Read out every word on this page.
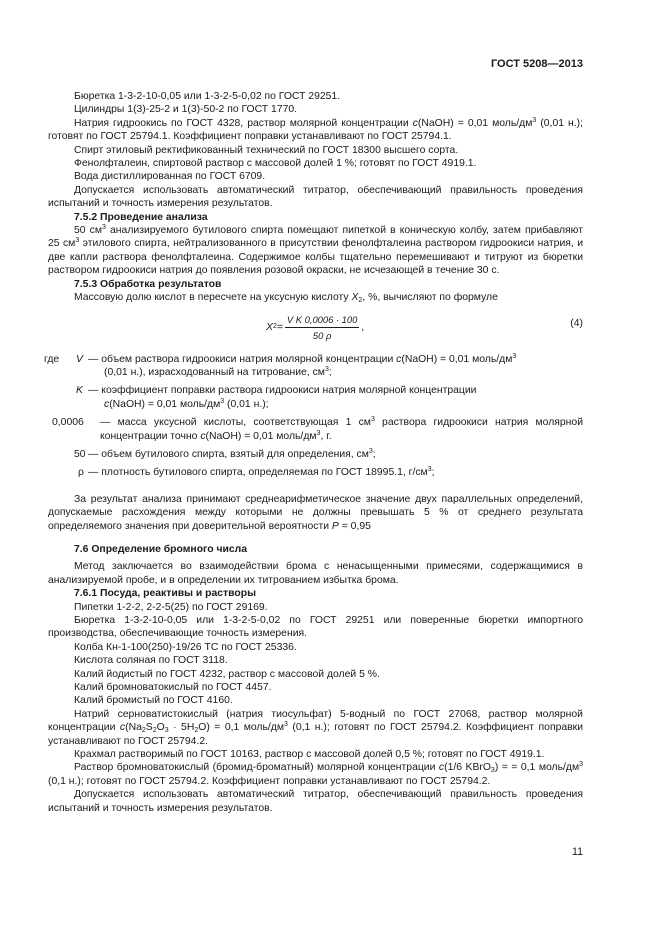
ГОСТ 5208—2013

Бюретка 1-3-2-10-0,05 или 1-3-2-5-0,02 по ГОСТ 29251.

Цилиндры 1(3)-25-2 и 1(3)-50-2 по ГОСТ 1770.

Натрия гидроокись по ГОСТ 4328, раствор молярной концентрации c(NaOH) = 0,01 моль/$дм^3$ (0,01 н.); готовят по ГОСТ 25794.1. Коэффициент поправки устанавливают по ГОСТ 25794.1.

Спирт этиловый ректификованный технический по ГОСТ 18300 высшего сорта.

Фенолфталеин, спиртовой раствор с массовой долей 1 %; готовят по ГОСТ 4919.1.

Вода дистиллированная по ГОСТ 6709.

Допускается использовать автоматический титратор, обеспечивающий правильность проведения испытаний и точность измерения результатов.

7.5.2 Проведение анализа

50 $см^3$ анализируемого бутилового спирта помещают пипеткой в коническую колбу, затем прибавляют 25 $см^3$ этилового спирта, нейтрализованного в присутствии фенолфталеина раствором гидроокиси натрия, и две капли раствора фенолфталеина. Содержимое колбы тщательно перемешивают и титруют из бюретки раствором гидроокиси натрия до появления розовой окраски, не исчезающей в течение 30 с.

7.5.3 Обработка результатов

Массовую долю кислот в пересчете на уксусную кислоту $X_2$, %, вычисляют по формуле

X $2 = \frac{\text{V K 0,0006 · 100}}{50 \rho}$ ,	(4)
где V — объем раствора гидроокиси натрия молярной концентрации c(NaOH) = 0,01 моль/$дм^3$
(0,01 н.), израсходованный на титрование, $см^3$;
K — коэффициент поправки раствора гидроокиси натрия молярной концентрации
c(NaOH) = 0,01 моль/$дм^3$ (0,01 н.);
0,0006 — масса уксусной кислоты, соответствующая 1 $см^3$ раствора гидроокиси натрия молярной концентрации точно c(NaOH) = 0,01 моль/$дм^3$, г.
50 — объем бутилового спирта, взятый для определения, $см^3$;
ρ — плотность бутилового спирта, определяемая по ГОСТ 18995.1, $г/см^3$;

За результат анализа принимают среднеарифметическое значение двух параллельных определений, допускаемые расхождения между которыми не должны превышать 5 % от среднего результата определяемого значения при доверительной вероятности P = 0,95

7.6 Определение бромного числа

Метод заключается во взаимодействии брома с ненасыщенными примесями, содержащимися в анализируемой пробе, и в определении их титрованием избытка брома.

7.6.1 Посуда, реактивы и растворы

Пипетки 1-2-2, 2-2-5(25) по ГОСТ 29169.

Бюретка 1-3-2-10-0,05 или 1-3-2-5-0,02 по ГОСТ 29251 или поверенные бюретки импортного производства, обеспечивающие точность измерения.

Колба Кн-1-100(250)-19/26 ТС по ГОСТ 25336.

Кислота соляная по ГОСТ 3118.

Калий йодистый по ГОСТ 4232, раствор с массовой долей 5 %.

Калий бромноватокислый по ГОСТ 4457.

Калий бромистый по ГОСТ 4160.

Натрий серноватистокислый (натрия тиосульфат) 5-водный по ГОСТ 27068, раствор молярной концентрации $c(Na_2S_2O_3 \cdot 5H_2O) = 0,1$ моль/$дм^3$ (0,1 н.); готовят по ГОСТ 25794.2. Коэффициент поправки устанавливают по ГОСТ 25794.2.

Крахмал растворимый по ГОСТ 10163, раствор с массовой долей 0,5 %; готовят по ГОСТ 4919.1.

Раствор бромноватокислый (бромид-броматный) молярной концентрации c(1/6 KBrO$_3$) = = 0,1 моль/$дм^3$ (0,1 н.); готовят по ГОСТ 25794.2. Коэффициент поправки устанавливают по ГОСТ 25794.2.

Допускается использовать автоматический титратор, обеспечивающий правильность проведения испытаний и точность измерения результатов.

11
